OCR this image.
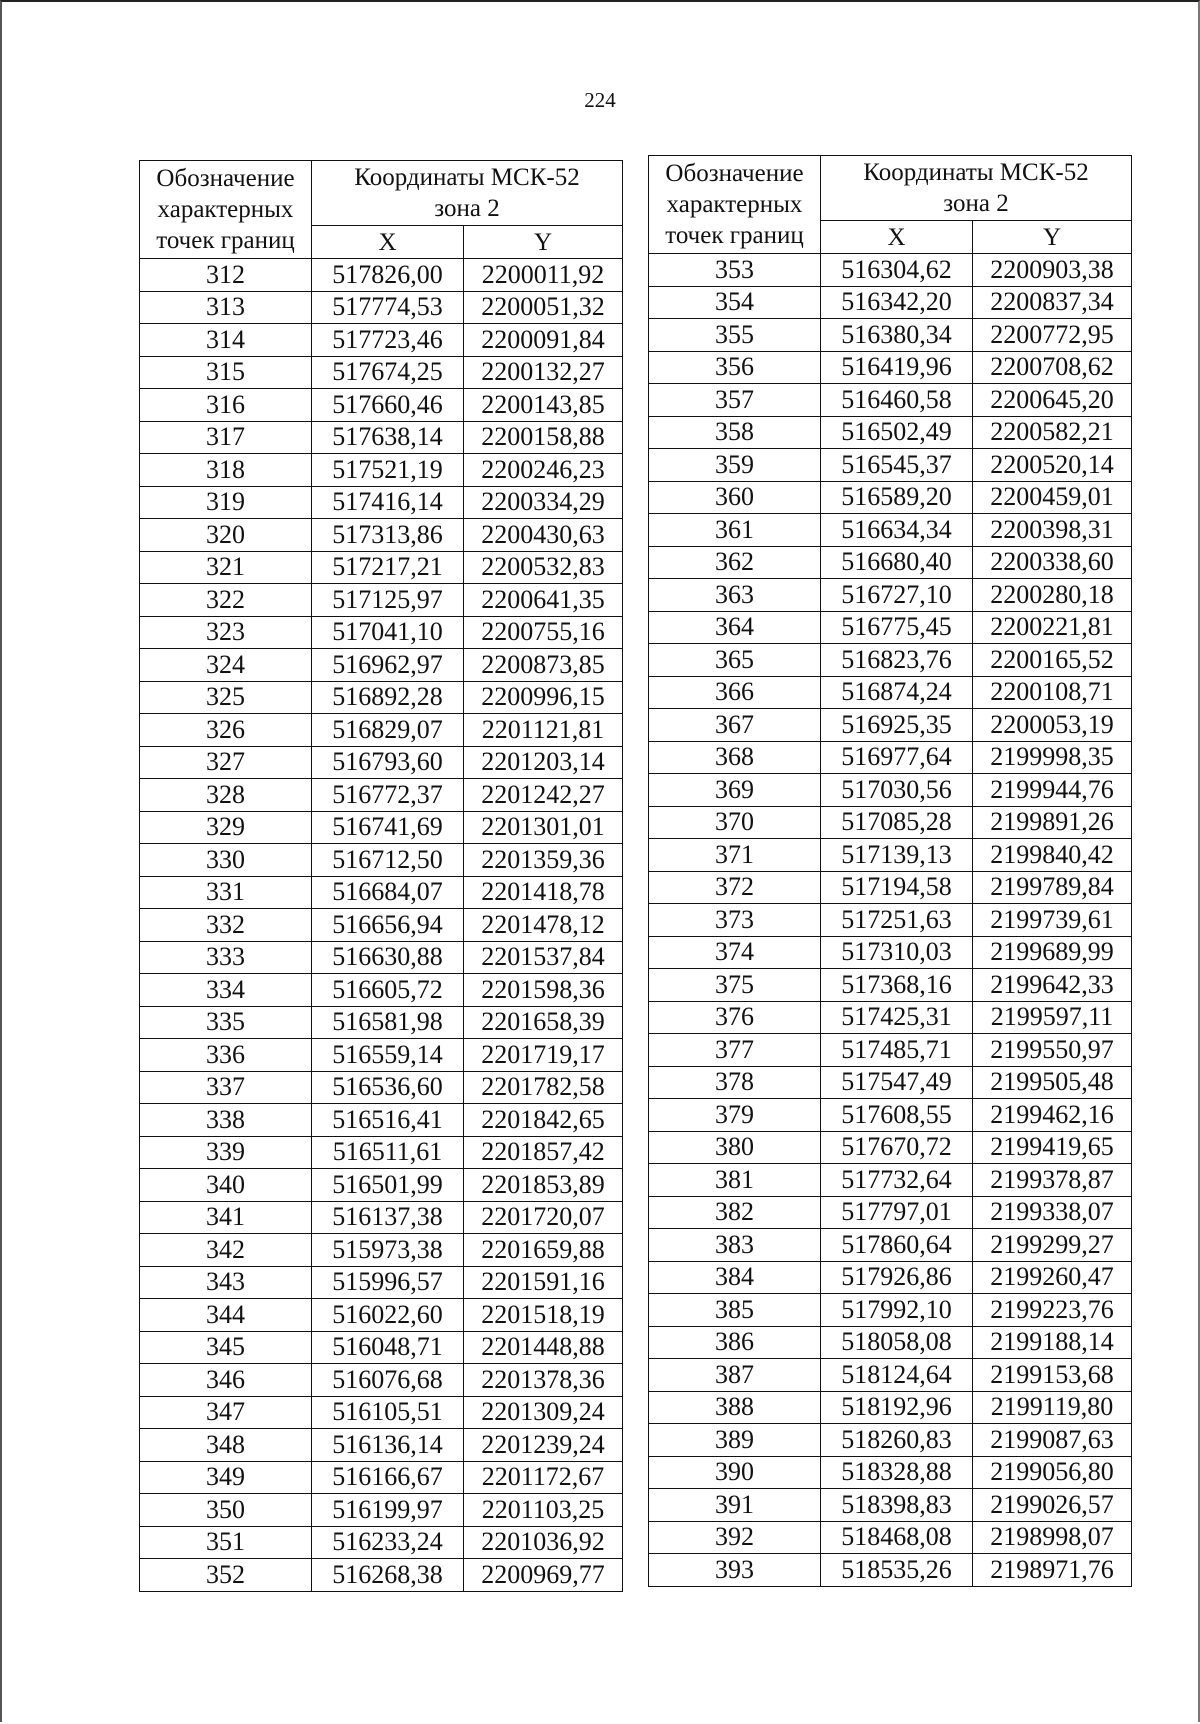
224
Обозначение
характерных
точек границ	Координаты МСК-52
зона 2	
	X	Y
312	517826,00	2200011,92
313	517774,53	2200051,32
314	517723,46	2200091,84
315	517674,25	2200132,27
316	517660,46	2200143,85
317	517638,14	2200158,88
318	517521,19	2200246,23
319	517416,14	2200334,29
320	517313,86	2200430,63
321	517217,21	2200532,83
322	517125,97	2200641,35
323	517041,10	2200755,16
324	516962,97	2200873,85
325	516892,28	2200996,15
326	516829,07	2201121,81
327	516793,60	2201203,14
328	516772,37	2201242,27
329	516741,69	2201301,01
330	516712,50	2201359,36
331	516684,07	2201418,78
332	516656,94	2201478,12
333	516630,88	2201537,84
334	516605,72	2201598,36
335	516581,98	2201658,39
336	516559,14	2201719,17
337	516536,60	2201782,58
338	516516,41	2201842,65
339	516511,61	2201857,42
340	516501,99	2201853,89
341	516137,38	2201720,07
342	515973,38	2201659,88
343	515996,57	2201591,16
344	516022,60	2201518,19
345	516048,71	2201448,88
346	516076,68	2201378,36
347	516105,51	2201309,24
348	516136,14	2201239,24
349	516166,67	2201172,67
350	516199,97	2201103,25
351	516233,24	2201036,92
352	516268,38	2200969,77
Обозначение
характерных
точек границ	Координаты МСК-52
зона 2	
	X	Y
353	516304,62	2200903,38
354	516342,20	2200837,34
355	516380,34	2200772,95
356	516419,96	2200708,62
357	516460,58	2200645,20
358	516502,49	2200582,21
359	516545,37	2200520,14
360	516589,20	2200459,01
361	516634,34	2200398,31
362	516680,40	2200338,60
363	516727,10	2200280,18
364	516775,45	2200221,81
365	516823,76	2200165,52
366	516874,24	2200108,71
367	516925,35	2200053,19
368	516977,64	2199998,35
369	517030,56	2199944,76
370	517085,28	2199891,26
371	517139,13	2199840,42
372	517194,58	2199789,84
373	517251,63	2199739,61
374	517310,03	2199689,99
375	517368,16	2199642,33
376	517425,31	2199597,11
377	517485,71	2199550,97
378	517547,49	2199505,48
379	517608,55	2199462,16
380	517670,72	2199419,65
381	517732,64	2199378,87
382	517797,01	2199338,07
383	517860,64	2199299,27
384	517926,86	2199260,47
385	517992,10	2199223,76
386	518058,08	2199188,14
387	518124,64	2199153,68
388	518192,96	2199119,80
389	518260,83	2199087,63
390	518328,88	2199056,80
391	518398,83	2199026,57
392	518468,08	2198998,07
393	518535,26	2198971,76
